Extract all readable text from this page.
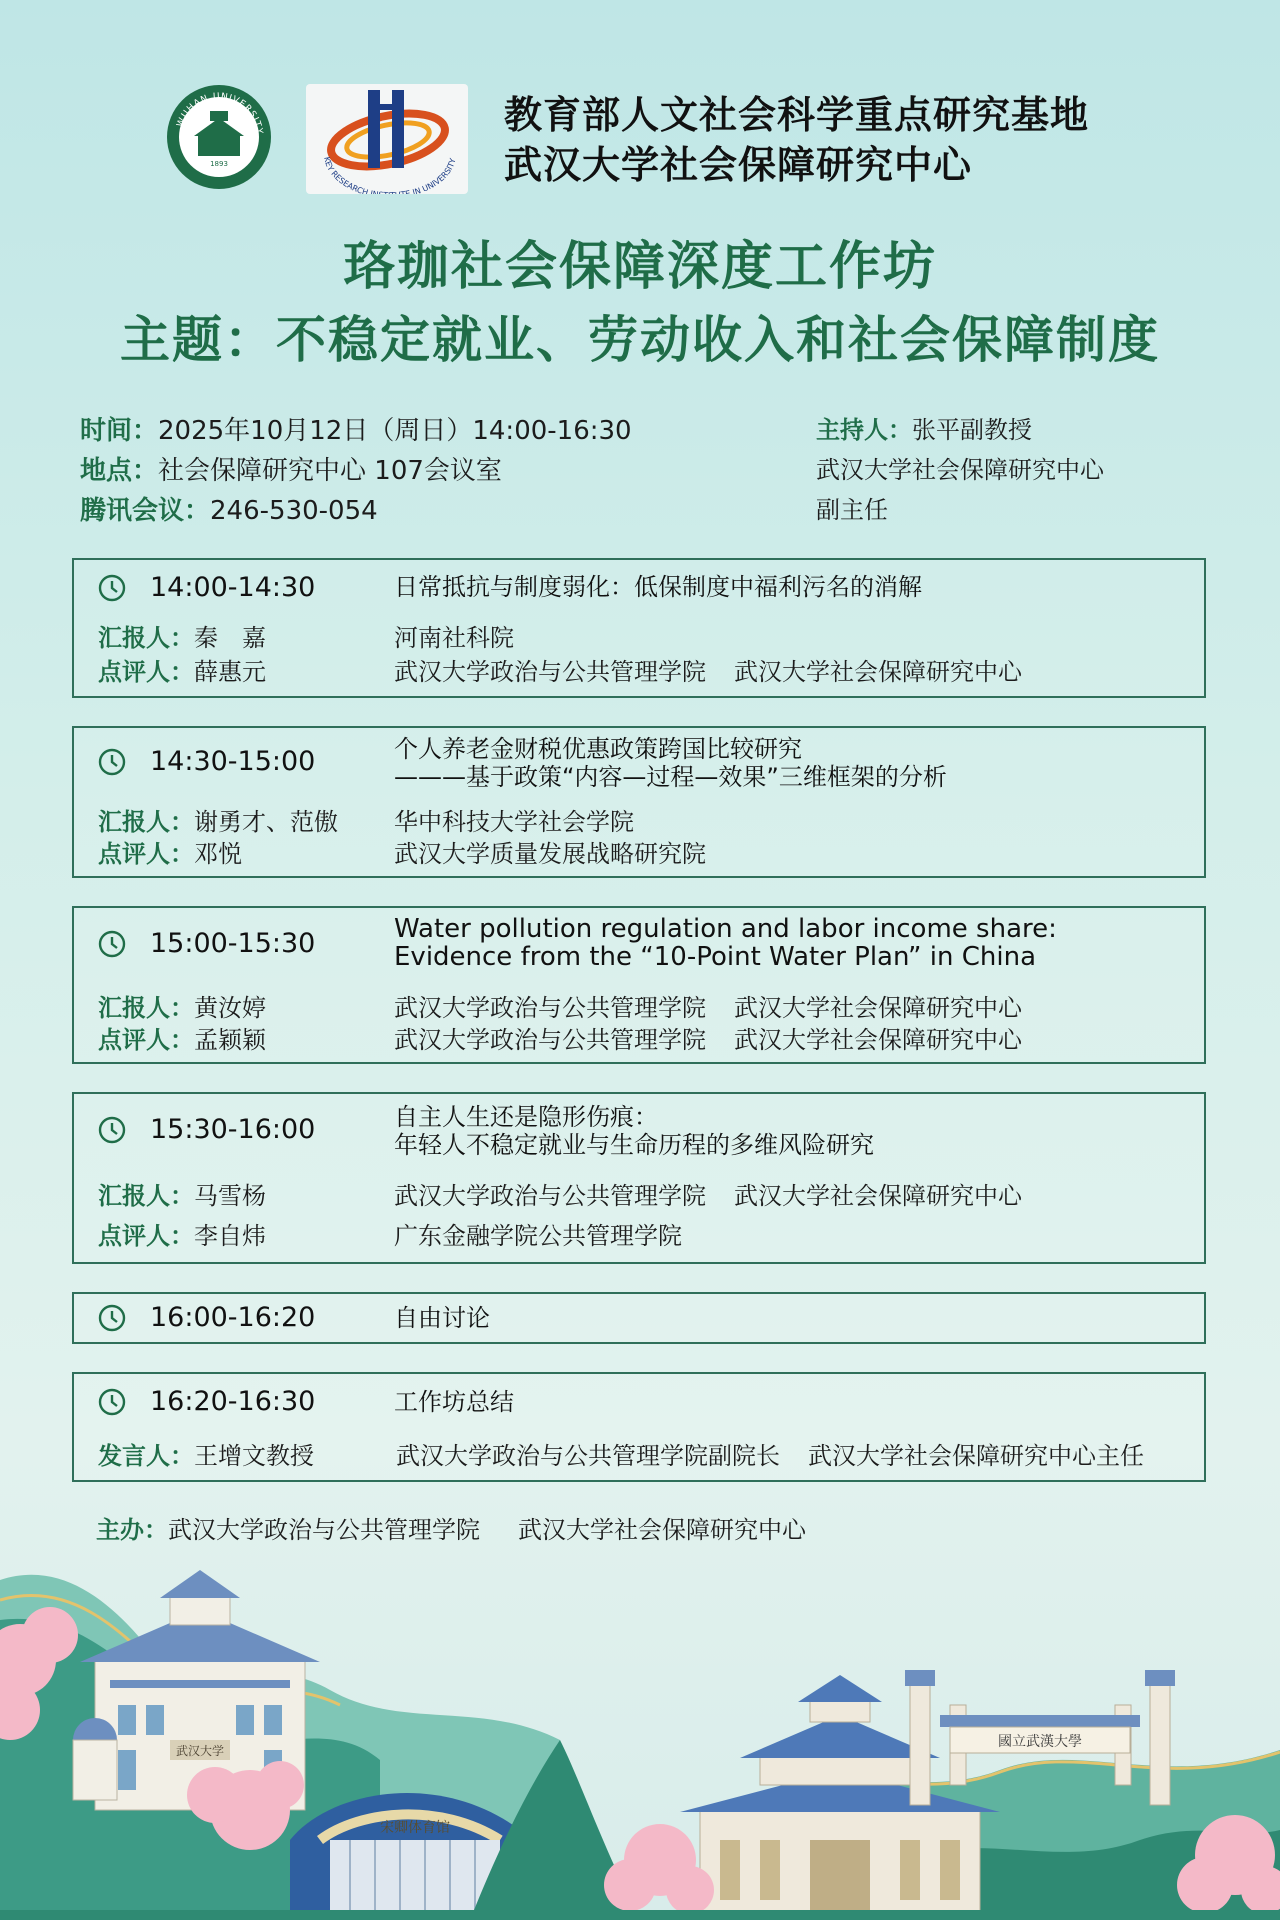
WUHAN UNIVERSITY
1893
KEY RESEARCH I E IN UNIVERSITY
教育部人文社会科学重点研究基地
武汉大学社会保障研究中心
珞珈社会保障深度工作坊
主题：不稳定就业、劳动收入和社会保障制度
时间：2025年10月12日（周日）14:00-16:30
地点：社会保障研究中心 107会议室
腾讯会议：246-530-054
主持人：张平副教授
武汉大学社会保障研究中心
副主任
14:00-14:30	日常抵抗与制度弱化：低保制度中福利污名的消解
汇报人：秦　嘉	河南社科院
点评人：薛惠元	武汉大学政治与公共管理学院 武汉大学社会保障研究中心
14:30-15:00	个人养老金财税优惠政策跨国比较研究
———基于政策“内容—过程—效果”三维框架的分析
汇报人：谢勇才、范傲 华中科技大学社会学院
点评人：邓悦	武汉大学质量发展战略研究院
15:00-15:30	Water pollution regulation and labor income share:
Evidence from the “10-Point Water Plan” in China
汇报人：黄汝婷	武汉大学政治与公共管理学院 武汉大学社会保障研究中心
点评人：孟颖颖	武汉大学政治与公共管理学院 武汉大学社会保障研究中心
15:30-16:00	自主人生还是隐形伤痕：
年轻人不稳定就业与生命历程的多维风险研究
汇报人：马雪杨	武汉大学政治与公共管理学院 武汉大学社会保障研究中心
点评人：李自炜	广东金融学院公共管理学院
16:00-16:20	自由讨论
16:20-16:30	工作坊总结
发言人：王增文教授	武汉大学政治与公共管理学院副院长 武汉大学社会保障研究中心主任
主办：武汉大学政治与公共管理学院 武汉大学社会保障研究中心
武汉大学
宋卿体育馆
國立武漢大學
